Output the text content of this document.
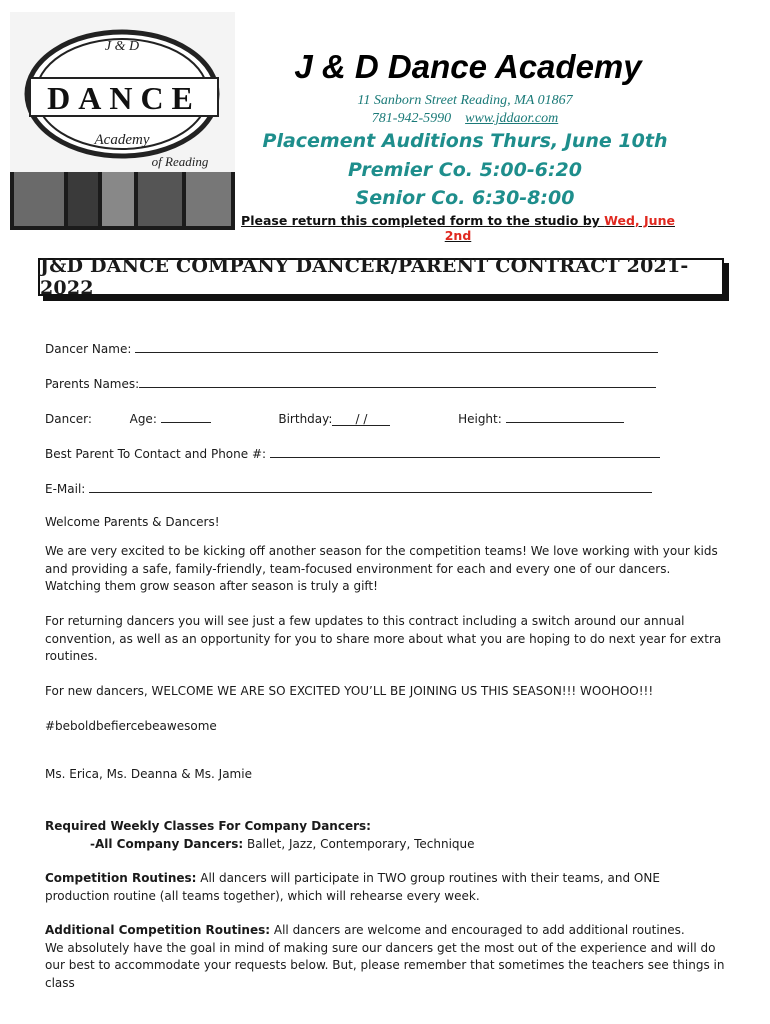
J & D
DANCE
Academy
of Reading
J & D Dance Academy
11 Sanborn Street Reading, MA 01867
781-942-5990 www.jddaor.com
Placement Auditions Thurs, June 10th
Premier Co. 5:00-6:20
Senior Co. 6:30-8:00
Please return this completed form to the studio by Wed, June 2nd
J&D DANCE COMPANY DANCER/PARENT CONTRACT 2021-2022
Dancer Name:
Parents Names:
Dancer:	Age:	Birthday: / /	Height:
Best Parent To Contact and Phone #:
E-Mail:
Welcome Parents & Dancers!
We are very excited to be kicking off another season for the competition teams! We love working with your kids and providing a safe, family-friendly, team-focused environment for each and every one of our dancers. Watching them grow season after season is truly a gift!
For returning dancers you will see just a few updates to this contract including a switch around our annual convention, as well as an opportunity for you to share more about what you are hoping to do next year for extra routines.
For new dancers, WELCOME WE ARE SO EXCITED YOU’LL BE JOINING US THIS SEASON!!! WOOHOO!!!
#beboldbefiercebeawesome
Ms. Erica, Ms. Deanna & Ms. Jamie
Required Weekly Classes For Company Dancers:
-All Company Dancers: Ballet, Jazz, Contemporary, Technique
Competition Routines: All dancers will participate in TWO group routines with their teams, and ONE production routine (all teams together), which will rehearse every week.
Additional Competition Routines: All dancers are welcome and encouraged to add additional routines.
We absolutely have the goal in mind of making sure our dancers get the most out of the experience and will do our best to accommodate your requests below. But, please remember that sometimes the teachers see things in class
